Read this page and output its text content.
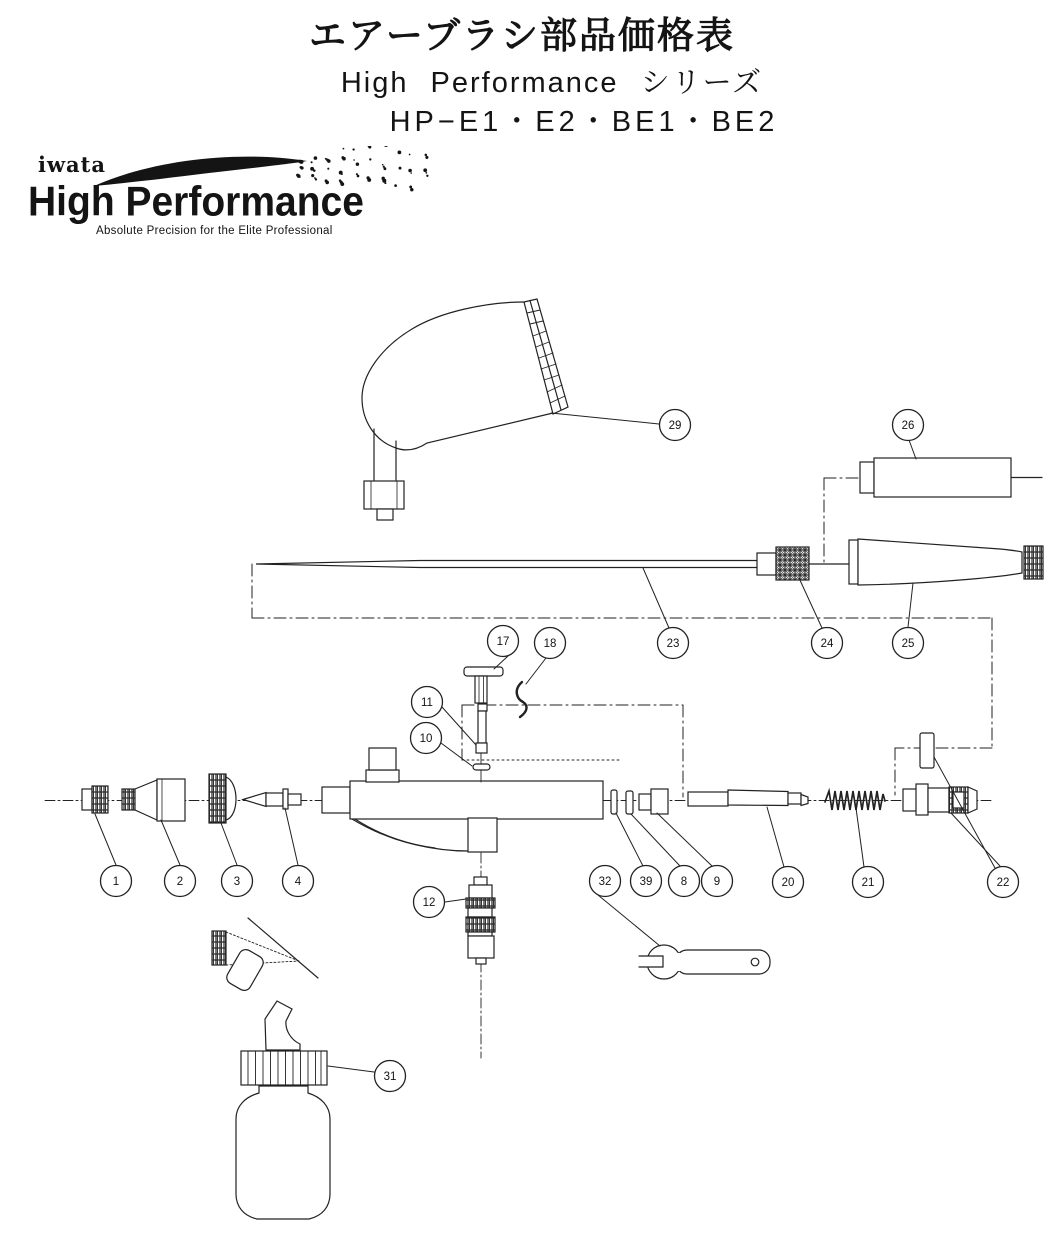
エアーブラシ部品価格表
High Performance シリーズ
HP−E1・E2・BE1・BE2
iwata
High Performance
Absolute Precision for the Elite Professional
1	2	3	4	8 9
10
11
12
17	18
20	21	22
23	24	25
26
29
31
32 39
